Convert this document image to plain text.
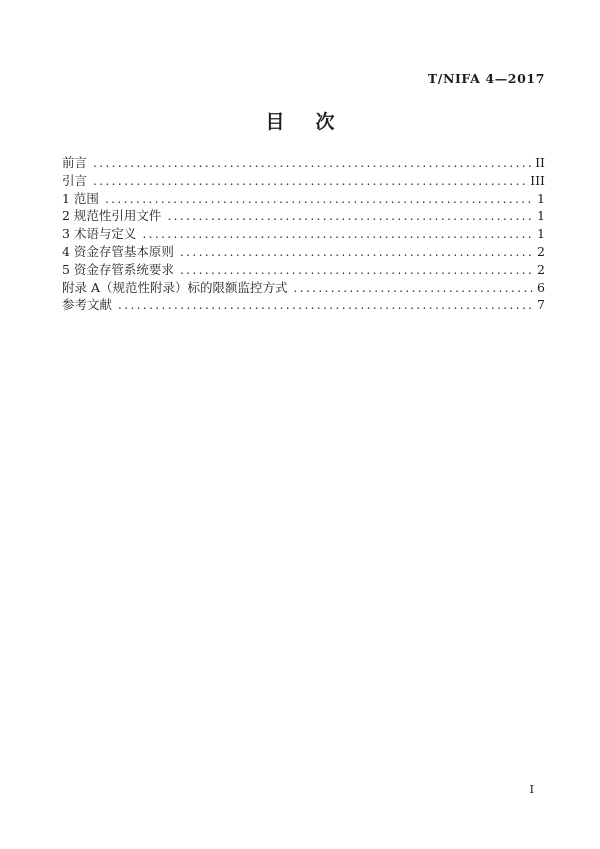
T/NIFA 4—2017
目 次
前言 .....	II
引言 .....	III
1 范围 .....	1
2 规范性引用文件 .....	1
3 术语与定义 .....	1
4 资金存管基本原则 .....	2
5 资金存管系统要求 .....	2
附录 A（规范性附录）标的限额监控方式 .....	6
参考文献 .....	7
I
